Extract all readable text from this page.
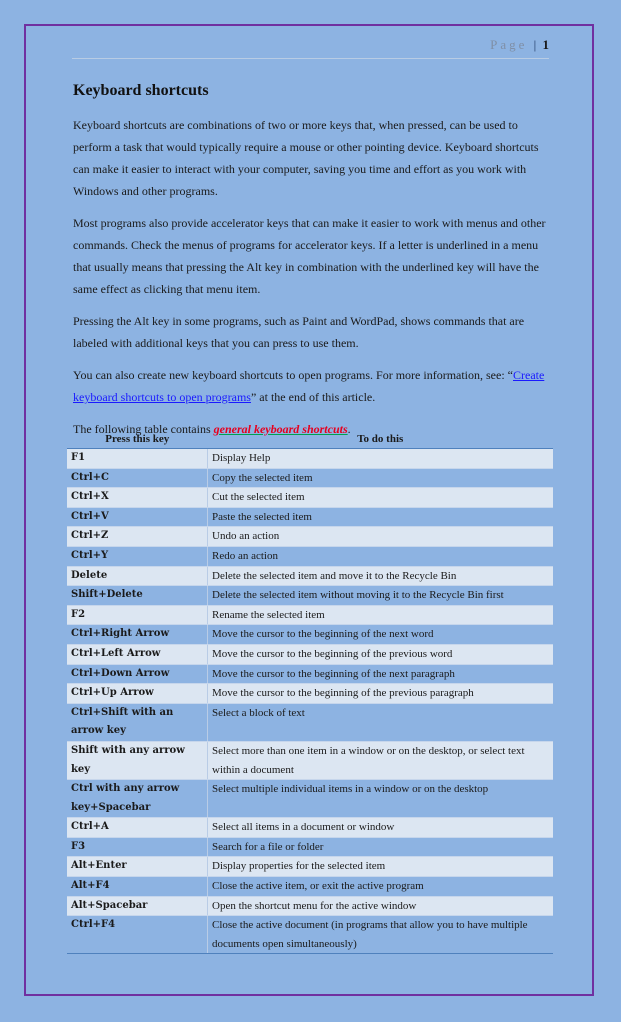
Page | 1
Keyboard shortcuts

Keyboard shortcuts are combinations of two or more keys that, when pressed, can be used to perform a task that would typically require a mouse or other pointing device. Keyboard shortcuts can make it easier to interact with your computer, saving you time and effort as you work with Windows and other programs.

Most programs also provide accelerator keys that can make it easier to work with menus and other commands. Check the menus of programs for accelerator keys. If a letter is underlined in a menu that usually means that pressing the Alt key in combination with the underlined key will have the same effect as clicking that menu item.

Pressing the Alt key in some programs, such as Paint and WordPad, shows commands that are labeled with additional keys that you can press to use them.

You can also create new keyboard shortcuts to open programs. For more information, see: “Create keyboard shortcuts to open programs” at the end of this article.

The following table contains general keyboard shortcuts.

Press this key	To do this
F1	Display Help
Ctrl+C	Copy the selected item
Ctrl+X	Cut the selected item
Ctrl+V	Paste the selected item
Ctrl+Z	Undo an action
Ctrl+Y	Redo an action
Delete	Delete the selected item and move it to the Recycle Bin
Shift+Delete	Delete the selected item without moving it to the Recycle Bin first
F2	Rename the selected item
Ctrl+Right Arrow	Move the cursor to the beginning of the next word
Ctrl+Left Arrow	Move the cursor to the beginning of the previous word
Ctrl+Down Arrow	Move the cursor to the beginning of the next paragraph
Ctrl+Up Arrow	Move the cursor to the beginning of the previous paragraph
Ctrl+Shift with an arrow key	Select a block of text
Shift with any arrow key	Select more than one item in a window or on the desktop, or select text within a document
Ctrl with any arrow key+Spacebar	Select multiple individual items in a window or on the desktop
Ctrl+A	Select all items in a document or window
F3	Search for a file or folder
Alt+Enter	Display properties for the selected item
Alt+F4	Close the active item, or exit the active program
Alt+Spacebar	Open the shortcut menu for the active window
Ctrl+F4	Close the active document (in programs that allow you to have multiple documents open simultaneously)
